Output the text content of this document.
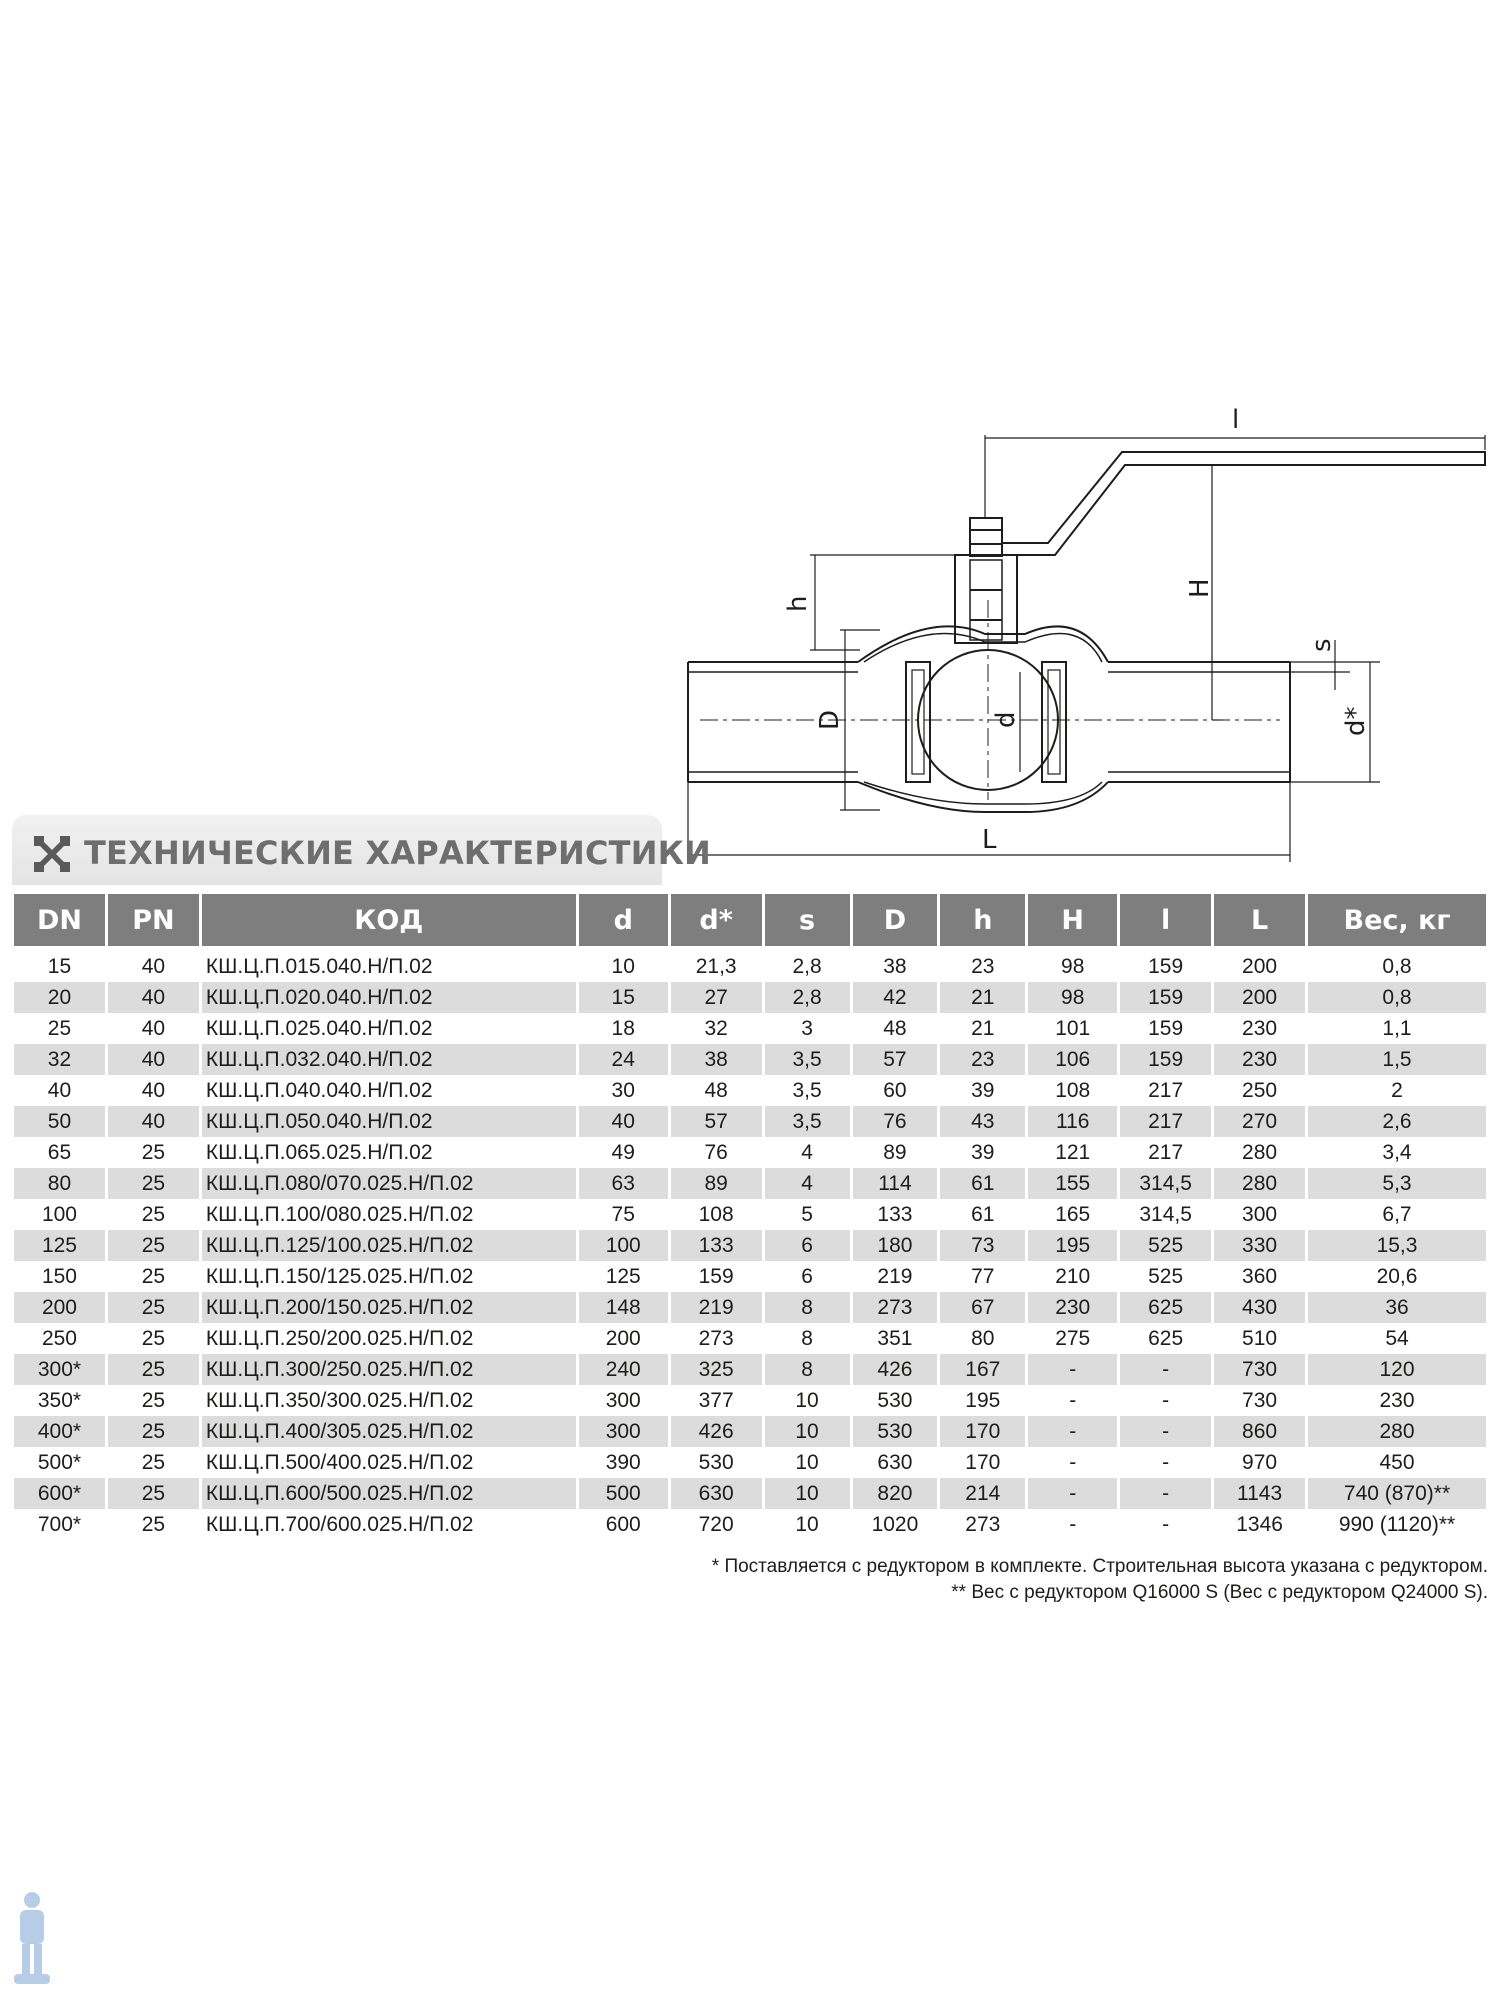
l
H
h
s
D	d	d*
L
ТЕХНИЧЕСКИЕ ХАРАКТЕРИСТИКИ
DN	PN	КОД	d	d*	s	D	h	H	l	L	Вес, кг
15	40	КШ.Ц.П.015.040.Н/П.02	10	21,3	2,8	38	23	98	159	200	0,8
20	40	КШ.Ц.П.020.040.Н/П.02	15	27	2,8	42	21	98	159	200	0,8
25	40	КШ.Ц.П.025.040.Н/П.02	18	32	3	48	21	101	159	230	1,1
32	40	КШ.Ц.П.032.040.Н/П.02	24	38	3,5	57	23	106	159	230	1,5
40	40	КШ.Ц.П.040.040.Н/П.02	30	48	3,5	60	39	108	217	250	2
50	40	КШ.Ц.П.050.040.Н/П.02	40	57	3,5	76	43	116	217	270	2,6
65	25	КШ.Ц.П.065.025.Н/П.02	49	76	4	89	39	121	217	280	3,4
80	25	КШ.Ц.П.080/070.025.Н/П.02	63	89	4	114	61	155	314,5	280	5,3
100	25	КШ.Ц.П.100/080.025.Н/П.02	75	108	5	133	61	165	314,5	300	6,7
125	25	КШ.Ц.П.125/100.025.Н/П.02	100	133	6	180	73	195	525	330	15,3
150	25	КШ.Ц.П.150/125.025.Н/П.02	125	159	6	219	77	210	525	360	20,6
200	25	КШ.Ц.П.200/150.025.Н/П.02	148	219	8	273	67	230	625	430	36
250	25	КШ.Ц.П.250/200.025.Н/П.02	200	273	8	351	80	275	625	510	54
300*	25	КШ.Ц.П.300/250.025.Н/П.02	240	325	8	426	167	-	-	730	120
350*	25	КШ.Ц.П.350/300.025.Н/П.02	300	377	10	530	195	-	-	730	230
400*	25	КШ.Ц.П.400/305.025.Н/П.02	300	426	10	530	170	-	-	860	280
500*	25	КШ.Ц.П.500/400.025.Н/П.02	390	530	10	630	170	-	-	970	450
600*	25	КШ.Ц.П.600/500.025.Н/П.02	500	630	10	820	214	-	-	1143	740 (870)**
700*	25	КШ.Ц.П.700/600.025.Н/П.02	600	720	10	1020	273	-	-	1346	990 (1120)**
* Поставляется с редуктором в комплекте. Строительная высота указана с редуктором.
** Вес с редуктором Q16000 S (Вес с редуктором Q24000 S).
